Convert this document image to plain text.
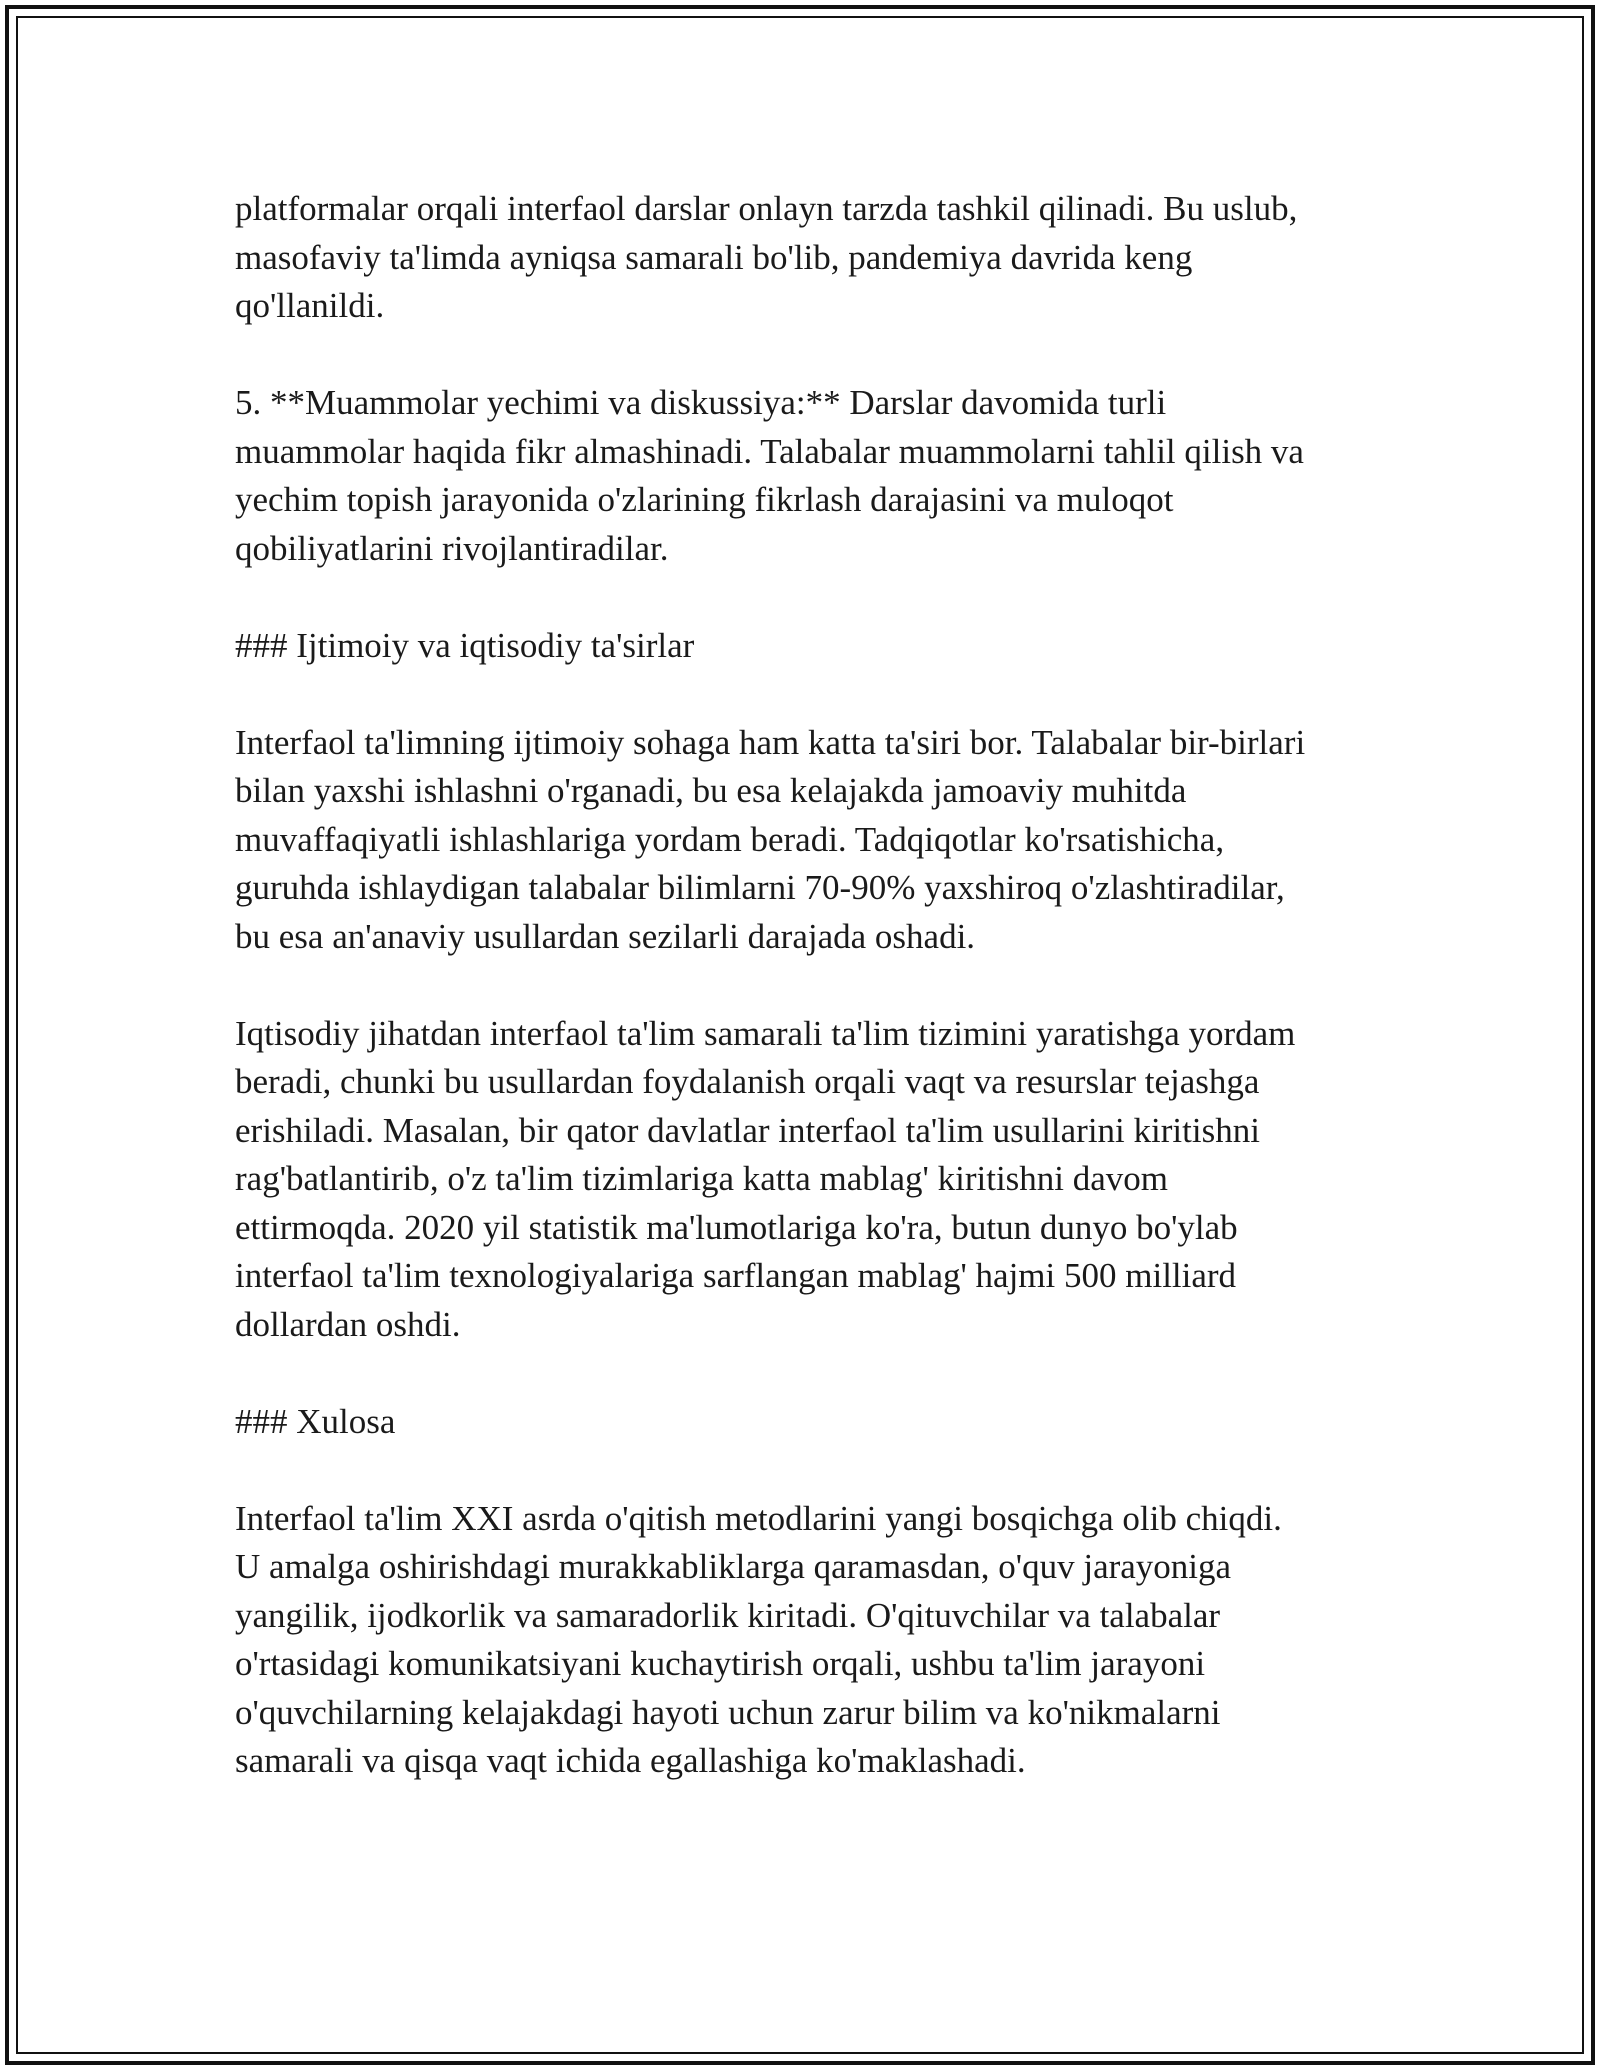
platformalar orqali interfaol darslar onlayn tarzda tashkil qilinadi. Bu uslub,
masofaviy ta'limda ayniqsa samarali bo'lib, pandemiya davrida keng
qo'llanildi.
5. **Muammolar yechimi va diskussiya:** Darslar davomida turli
muammolar haqida fikr almashinadi. Talabalar muammolarni tahlil qilish va
yechim topish jarayonida o'zlarining fikrlash darajasini va muloqot
qobiliyatlarini rivojlantiradilar.
### Ijtimoiy va iqtisodiy ta'sirlar
Interfaol ta'limning ijtimoiy sohaga ham katta ta'siri bor. Talabalar bir-birlari
bilan yaxshi ishlashni o'rganadi, bu esa kelajakda jamoaviy muhitda
muvaffaqiyatli ishlashlariga yordam beradi. Tadqiqotlar ko'rsatishicha,
guruhda ishlaydigan talabalar bilimlarni 70-90% yaxshiroq o'zlashtiradilar,
bu esa an'anaviy usullardan sezilarli darajada oshadi.
Iqtisodiy jihatdan interfaol ta'lim samarali ta'lim tizimini yaratishga yordam
beradi, chunki bu usullardan foydalanish orqali vaqt va resurslar tejashga
erishiladi. Masalan, bir qator davlatlar interfaol ta'lim usullarini kiritishni
rag'batlantirib, o'z ta'lim tizimlariga katta mablag' kiritishni davom
ettirmoqda. 2020 yil statistik ma'lumotlariga ko'ra, butun dunyo bo'ylab
interfaol ta'lim texnologiyalariga sarflangan mablag' hajmi 500 milliard
dollardan oshdi.
### Xulosa
Interfaol ta'lim XXI asrda o'qitish metodlarini yangi bosqichga olib chiqdi.
U amalga oshirishdagi murakkabliklarga qaramasdan, o'quv jarayoniga
yangilik, ijodkorlik va samaradorlik kiritadi. O'qituvchilar va talabalar
o'rtasidagi komunikatsiyani kuchaytirish orqali, ushbu ta'lim jarayoni
o'quvchilarning kelajakdagi hayoti uchun zarur bilim va ko'nikmalarni
samarali va qisqa vaqt ichida egallashiga ko'maklashadi.
